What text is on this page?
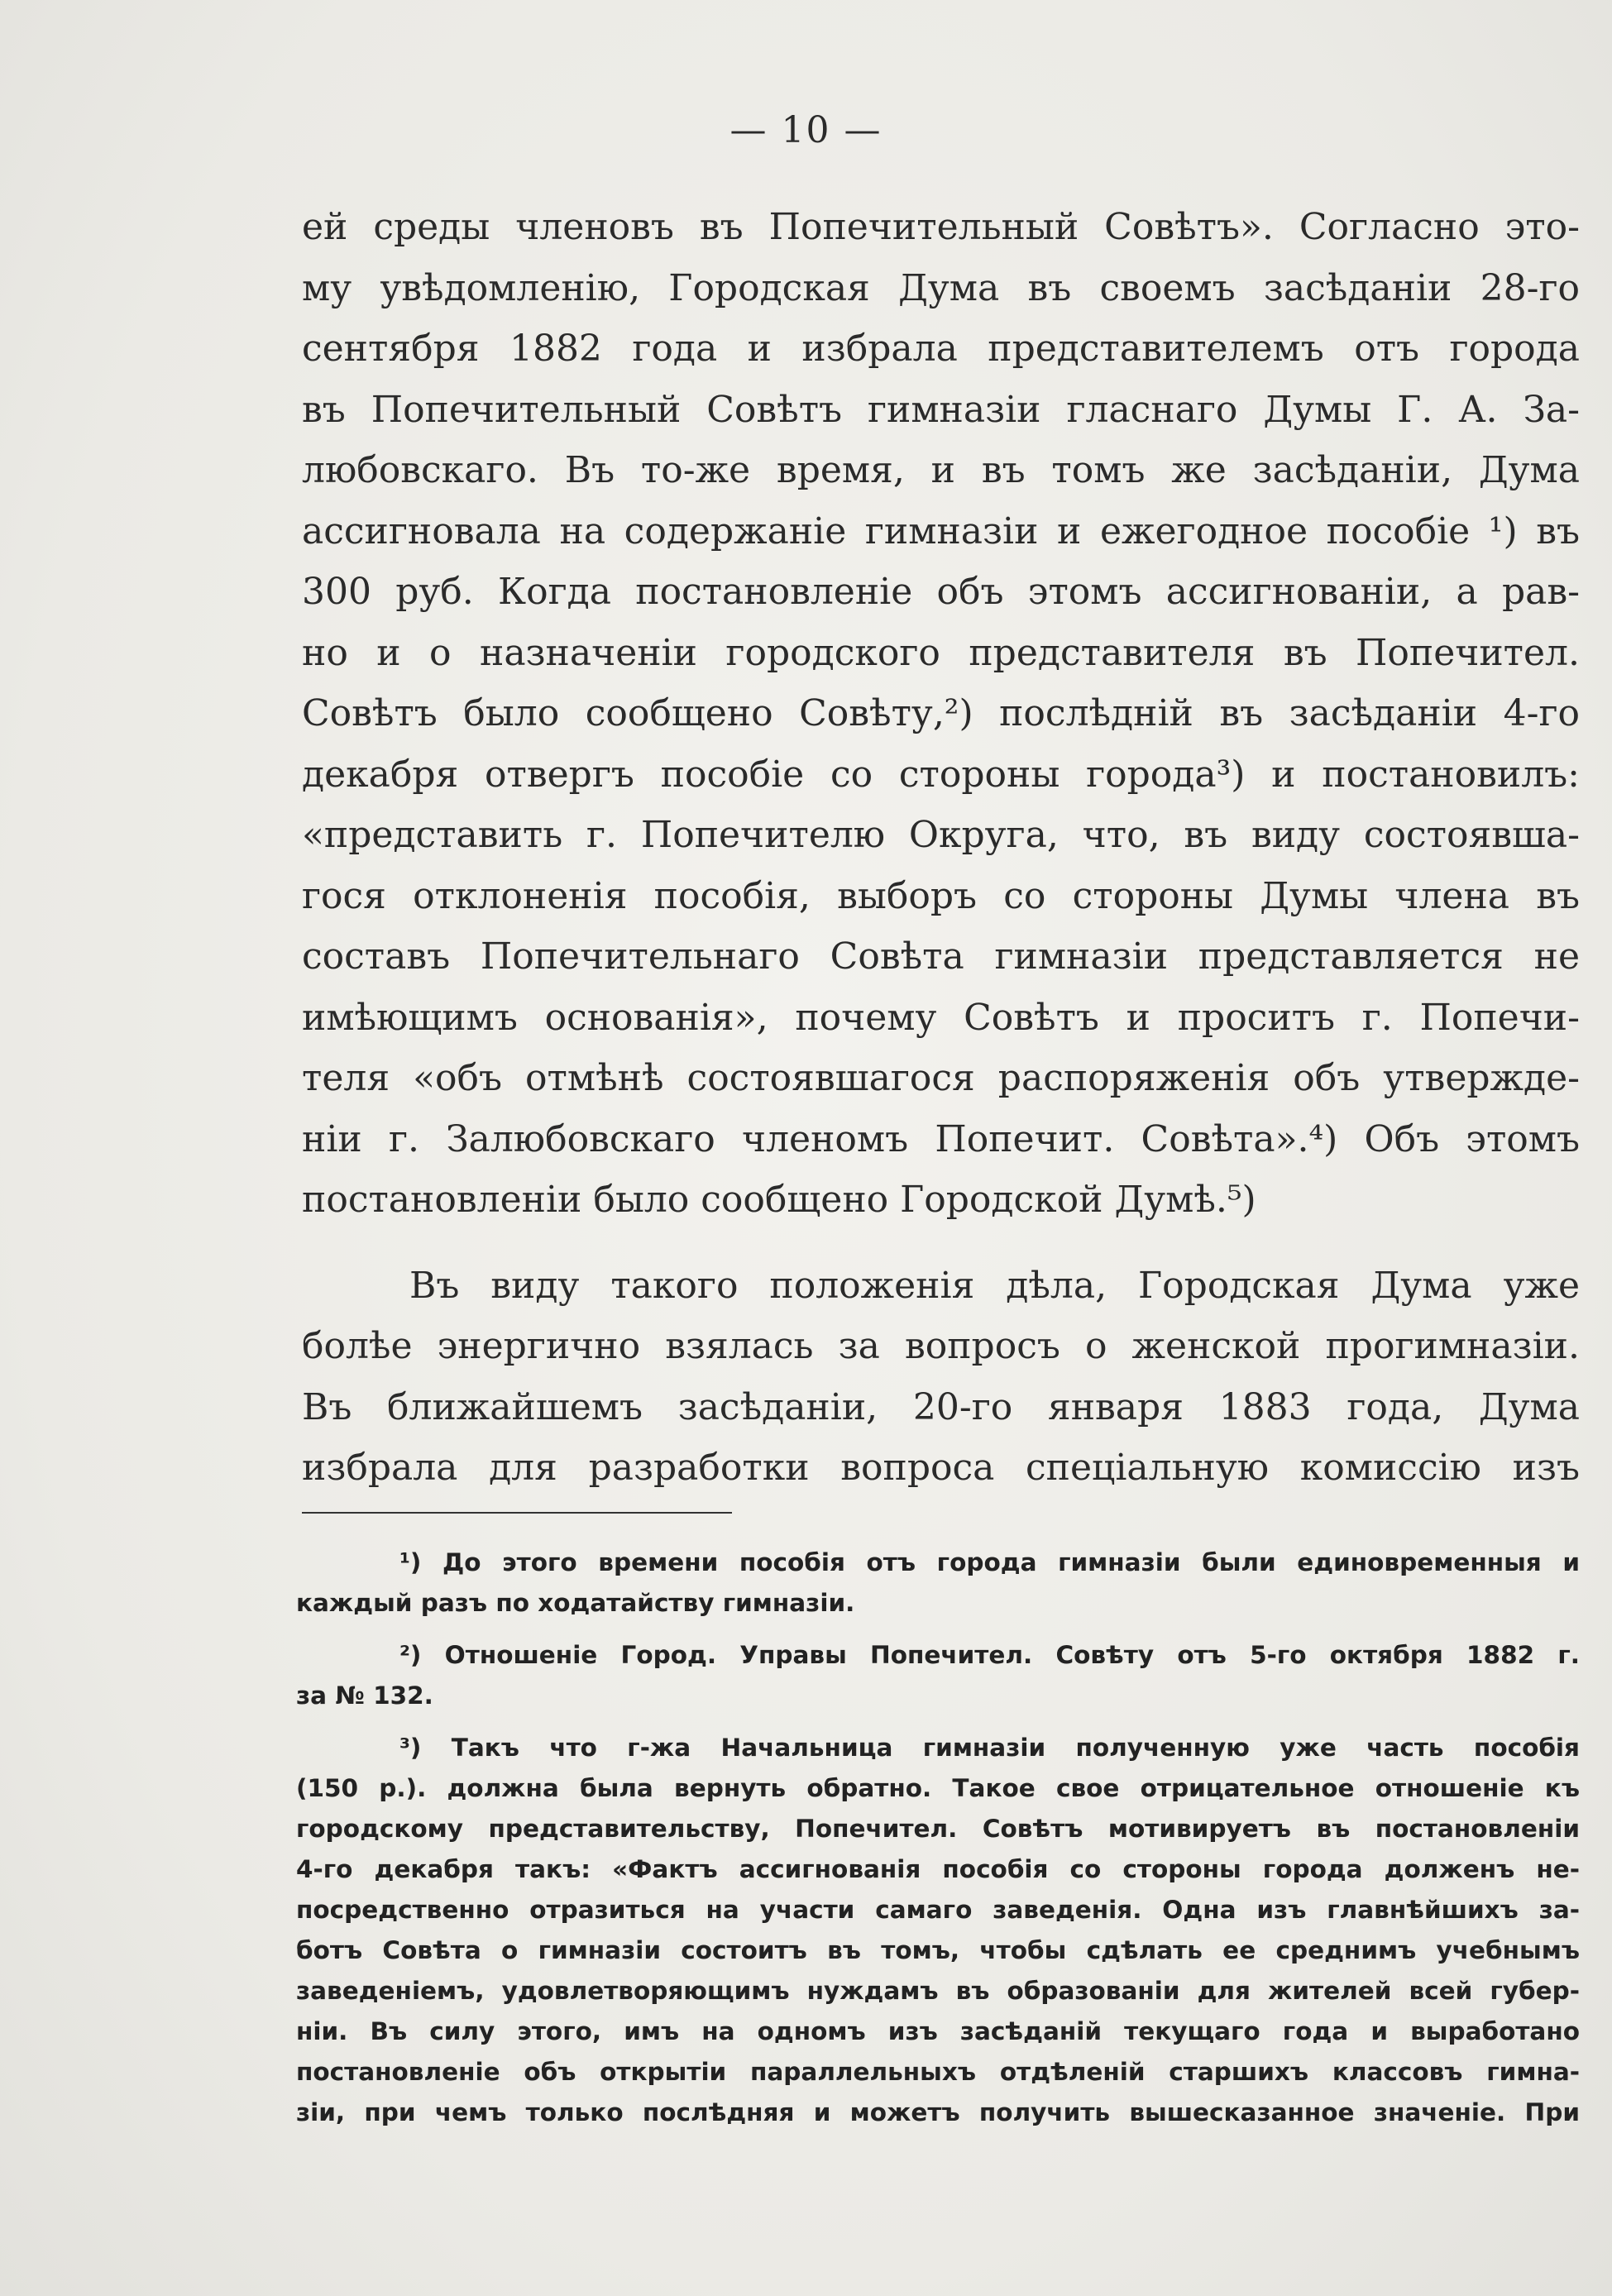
— 10 —
ей среды членовъ въ Попечительный Совѣтъ». Согласно это-
му увѣдомленію, Городская Дума въ своемъ засѣданіи 28-го
сентября 1882 года и избрала представителемъ отъ города
въ Попечительный Совѣтъ гимназіи гласнаго Думы Г. А. За-
любовскаго. Въ то-же время, и въ томъ же засѣданіи, Дума
ассигновала на содержаніе гимназіи и ежегодное пособіе ¹) въ
300 руб. Когда постановленіе объ этомъ ассигнованіи, а рав-
но и о назначеніи городского представителя въ Попечител.
Совѣтъ было сообщено Совѣту,²) послѣдній въ засѣданіи 4-го
декабря отвергъ пособіе со стороны города³) и постановилъ:
«представить г. Попечителю Округа, что, въ виду состоявша-
гося отклоненія пособія, выборъ со стороны Думы члена въ
составъ Попечительнаго Совѣта гимназіи представляется не
имѣющимъ основанія», почему Совѣтъ и проситъ г. Попечи-
теля «объ отмѣнѣ состоявшагося распоряженія объ утвержде-
ніи г. Залюбовскаго членомъ Попечит. Совѣта».⁴) Объ этомъ
постановленіи было сообщено Городской Думѣ.⁵)
Въ виду такого положенія дѣла, Городская Дума уже
болѣе энергично взялась за вопросъ о женской прогимназіи.
Въ ближайшемъ засѣданіи, 20-го января 1883 года, Дума
избрала для разработки вопроса спеціальную комиссію изъ
¹) До этого времени пособія отъ города гимназіи были единовременныя и
каждый разъ по ходатайству гимназіи.
²) Отношеніе Город. Управы Попечител. Совѣту отъ 5-го октября 1882 г.
за № 132.
³) Такъ что г-жа Начальница гимназіи полученную уже часть пособія
(150 р.). должна была вернуть обратно. Такое свое отрицательное отношеніе къ
городскому представительству, Попечител. Совѣтъ мотивируетъ въ постановленіи
4-го декабря такъ: «Фактъ ассигнованія пособія со стороны города долженъ не-
посредственно отразиться на участи самаго заведенія. Одна изъ главнѣйшихъ за-
ботъ Совѣта о гимназіи состоитъ въ томъ, чтобы сдѣлать ее среднимъ учебнымъ
заведеніемъ, удовлетворяющимъ нуждамъ въ образованіи для жителей всей губер-
ніи. Въ силу этого, имъ на одномъ изъ засѣданій текущаго года и выработано
постановленіе объ открытіи параллельныхъ отдѣленій старшихъ классовъ гимна-
зіи, при чемъ только послѣдняя и можетъ получить вышесказанное значеніе. При
